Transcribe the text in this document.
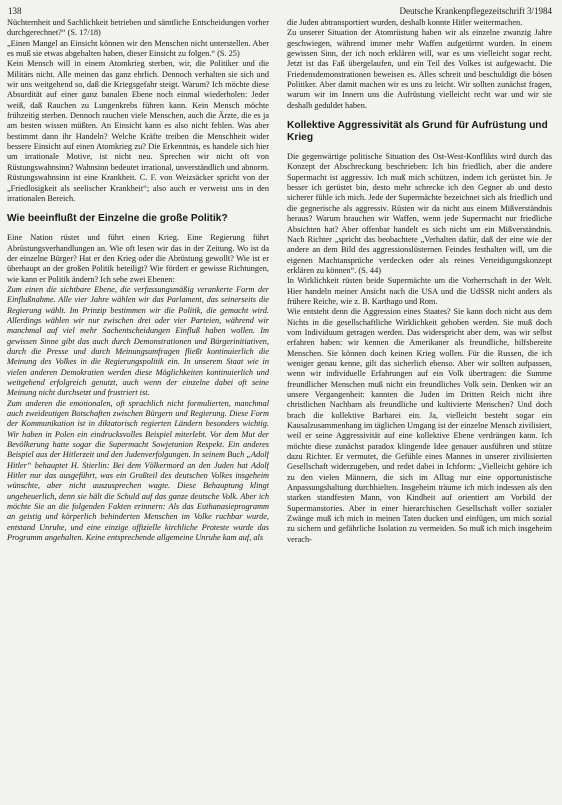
138	Deutsche Krankenpflegezeitschrift 3/1984

Nüchternheit und Sachlichkeit betrieben und sämtliche Entscheidungen vorher durchgerechnet?“ (S. 17/18)

„Einen Mangel an Einsicht können wir den Menschen nicht unterstellen. Aber es muß sie etwas abgehalten haben, dieser Einsicht zu folgen.“ (S. 25)

Kein Mensch will in einem Atomkrieg sterben, wir, die Politiker und die Militärs nicht. Alle meinen das ganz ehrlich. Dennoch verhalten sie sich und wir uns weitgehend so, daß die Kriegsgefahr steigt. Warum? Ich möchte diese Absurdität auf einer ganz banalen Ebene noch einmal wiederholen: Jeder weiß, daß Rauchen zu Lungenkrebs führen kann. Kein Mensch möchte frühzeitig sterben. Dennoch rauchen viele Menschen, auch die Ärzte, die es ja am besten wissen müßten. An Einsicht kann es also nicht fehlen. Was aber bestimmt dann ihr Handeln? Welche Kräfte treiben die Menschheit wider bessere Einsicht auf einen Atomkrieg zu? Die Erkenntnis, es handele sich hier um irrationale Motive, ist nicht neu. Sprechen wir nicht oft von Rüstungswahnsinn? Wahnsinn bedeutet irrational, unverständlich und abnorm. Rüstungswahnsinn ist eine Krankheit. C. F. von Weizsäcker spricht von der „Friedlosigkeit als seelischer Krankheit“; also auch er verweist uns in den irrationalen Bereich.

Wie beeinflußt der Einzelne die große Politik?

Eine Nation rüstet und führt einen Krieg. Eine Regierung führt Abrüstungsverhandlungen an. Wie oft lesen wir das in der Zeitung. Wo ist da der einzelne Bürger? Hat er den Krieg oder die Abrüstung gewollt? Wie ist er überhaupt an der großen Politik beteiligt? Wie fördert er gewisse Richtungen, wie kann er Politik ändern? Ich sehe zwei Ebenen:

Zum einen die sichtbare Ebene, die verfassungsmäßig verankerte Form der Einflußnahme. Alle vier Jahre wählen wir das Parlament, das seinerseits die Regierung wählt. Im Prinzip bestimmen wir die Politik, die gemacht wird. Allerdings wählen wir nur zwischen drei oder vier Parteien, während wir manchmal auf viel mehr Sachentscheidungen Einfluß haben wollen. Im gewissen Sinne gibt das auch durch Demonstrationen und Bürgerinitiativen, durch die Presse und durch Meinungsumfragen fließt kontinuierlich die Meinung des Volkes in die Regierungspolitik ein. In unserem Staat wie in vielen anderen Demokratien werden diese Möglichkeiten kontinuierlich und weitgehend erfolgreich genutzt, auch wenn der einzelne dabei oft seine Meinung nicht durchsetzt und frustriert ist.

Zum anderen die emotionalen, oft sprachlich nicht formulierten, manchmal auch zweideutigen Botschaften zwischen Bürgern und Regierung. Diese Form der Kommunikation ist in diktatorisch regierten Ländern besonders wichtig. Wir haben in Polen ein eindrucksvolles Beispiel miterlebt. Vor dem Mut der Bevölkerung hatte sogar die Supermacht Sowjetunion Respekt. Ein anderes Beispiel aus der Hitlerzeit und den Judenverfolgungen. In seinem Buch „Adolf Hitler“ behauptet H. Stierlin: Bei dem Völkermord an den Juden hat Adolf Hitler nur das ausgeführt, was ein Großteil des deutschen Volkes insgeheim wünschte, aber nicht auszusprechen wagte. Diese Behauptung klingt ungeheuerlich, denn sie hält die Schuld auf das ganze deutsche Volk. Aber ich möchte Sie an die folgenden Fakten erinnern: Als das Euthanasieprogramm an geistig und körperlich behinderten Menschen im Volke ruchbar wurde, entstand Unruhe, und eine einzige offizielle kirchliche Proteste wurde das Programm angehalten. Keine entsprechende allgemeine Unruhe kam auf, als

die Juden abtransportiert wurden, deshalb konnte Hitler weitermachen.

Zu unserer Situation der Atomrüstung haben wir als einzelne zwanzig Jahre geschwiegen, während immer mehr Waffen aufgetürmt wurden. In einem gewissen Sinn, der ich noch erklären will, war es uns vielleicht sogar recht. Jetzt ist das Faß übergelaufen, und ein Teil des Volkes ist aufgewacht. Die Friedensdemonstrationen beweisen es. Alles schreit und beschuldigt die bösen Politiker. Aber damit machen wir es uns zu leicht. Wir sollten zunächst fragen, warum wir im Innern uns die Aufrüstung vielleicht recht war und wir sie deshalb geduldet haben.

Kollektive Aggressivität als Grund für Aufrüstung und Krieg

Die gegenwärtige politische Situation des Ost-West-Konflikts wird durch das Konzept der Abschreckung beschrieben: Ich bin friedlich, aber die andere Supermacht ist aggressiv. Ich muß mich schützen, indem ich gerüstet bin. Je besser ich gerüstet bin, desto mehr schrecke ich den Gegner ab und desto sicherer fühle ich mich. Jede der Supermächte bezeichnet sich als friedlich und die gegnerische als aggressiv. Rüsten wir da nicht aus einem Mißverständnis heraus? Warum brauchen wir Waffen, wenn jede Supermacht nur friedliche Absichten hat? Aber offenbar handelt es sich nicht um ein Mißverständnis. Nach Richter „spricht das beobachtete „Verhalten dafür, daß der eine wie der andere an dem Bild des aggressionslüsternen Feindes festhalten will, um die eigenen Machtansprüche verdecken oder als reines Verteidigungskonzept erklären zu können“. (S. 44)

In Wirklichkeit rüsten beide Supermächte um die Vorherrschaft in der Welt. Hier handeln meiner Ansicht nach die USA und die UdSSR nicht anders als frühere Reiche, wie z. B. Karthago und Rom.

Wie entsteht denn die Aggression eines Staates? Sie kann doch nicht aus dem Nichts in die gesellschaftliche Wirklichkeit gehoben werden. Sie muß doch vom Individuum getragen werden. Das widerspricht aber dem, was wir selbst erfahren haben: wir kennen die Amerikaner als freundliche, hilfsbereite Menschen. Sie können doch keinen Krieg wollen. Für die Russen, die ich weniger genau kenne, gilt das sicherlich ebenso. Aber wir sollten aufpassen, wenn wir individuelle Erfahrungen auf ein Volk übertragen: die Summe freundlicher Menschen muß nicht ein freundliches Volk sein. Denken wir an unsere Vergangenheit: kannten die Juden im Dritten Reich nicht ihre christlichen Nachbarn als freundliche und kultivierte Menschen? Und doch brach die kollektive Barbarei ein. Ja, vielleicht besteht sogar ein Kausalzusammenhang im täglichen Umgang ist der einzelne Mensch zivilisiert, weil er seine Aggressivität auf eine kollektive Ebene verdrängen kann. Ich möchte diese zunächst paradox klingende Idee genauer ausführen und stütze dazu Richter. Er vermutet, die Gefühle eines Mannes in unserer zivilisierten Gesellschaft widerzugeben, und redet dabei in Ichform: „Vielleicht gehöre ich zu den vielen Männern, die sich im Alltag nur eine opportunistische Anpassungshaltung durchhielten. Insgeheim träume ich mich indessen als den starken standfesten Mann, von Kindheit auf orientiert am Vorbild der Supermanstories. Aber in einer hierarchischen Gesellschaft voller sozialer Zwänge muß ich mich in meinen Taten ducken und einfügen, um mich sozial zu sichern und gefährliche Isolation zu vermeiden. So muß ich mich insgeheim verach-
